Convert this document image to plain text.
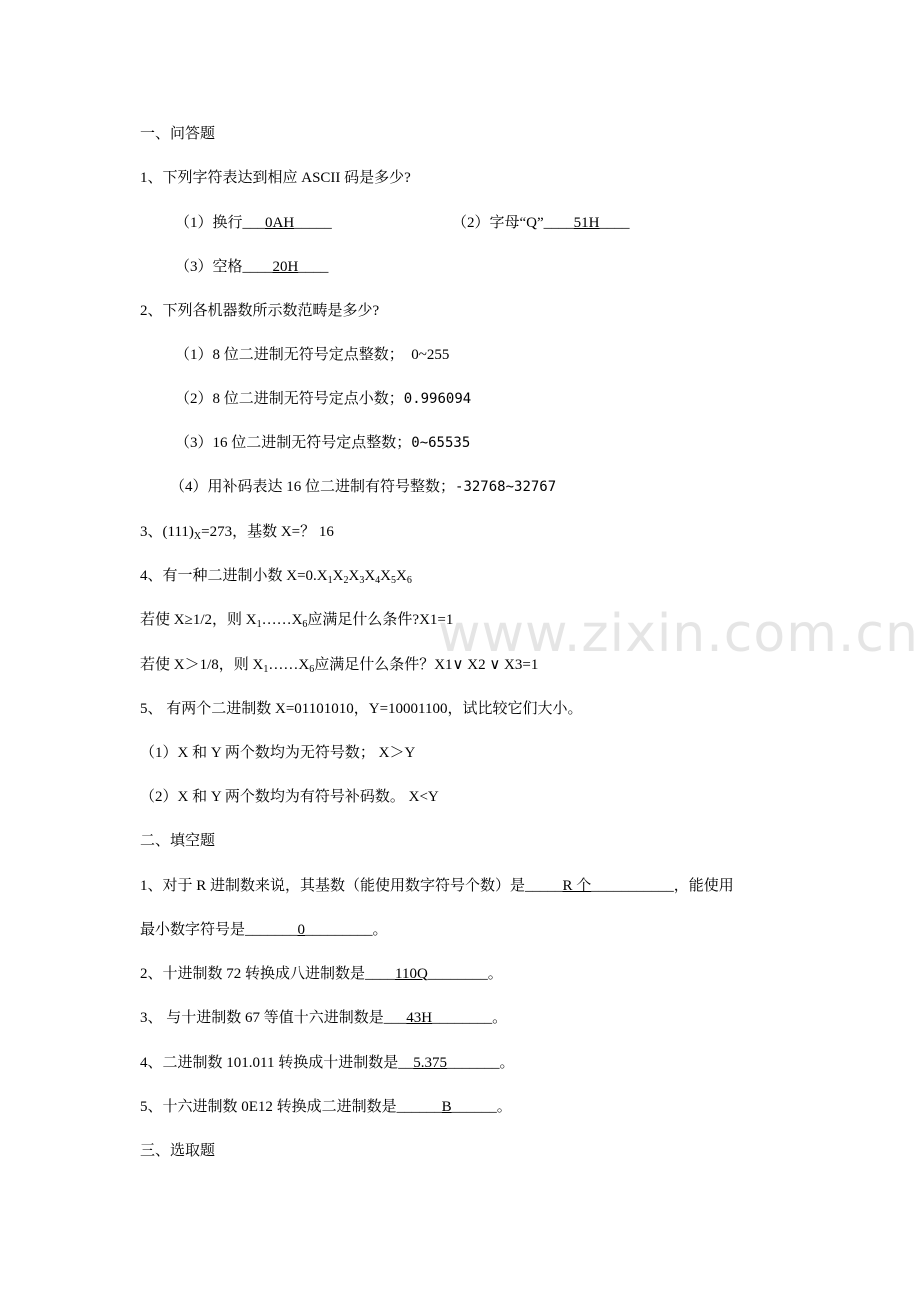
www.zixin.com.cn
一、问答题
1、下列字符表达到相应 ASCII 码是多少?
（1）换行___0AH_____	（2）字母“Q”____51H____
（3）空格____20H____
2、下列各机器数所示数范畴是多少?
（1）8 位二进制无符号定点整数； 0~255
（2）8 位二进制无符号定点小数；0.996094
（3）16 位二进制无符号定点整数；0~65535
（4）用补码表达 16 位二进制有符号整数；-32768~32767
3、$(111)_X=273$，基数 X=？ 16
4、有一种二进制小数 $X=0.X_1X_2X_3X_4X_5X_6$
若使 X≥1/2，则 $X_1\dots\dots X_6$应满足什么条件?X1=1
若使 X＞1/8，则 $X_1\dots\dots X_6$应满足什么条件？X1∨ X2 ∨ X3=1
5、 有两个二进制数 X=01101010，Y=10001100，试比较它们大小。
（1）X 和 Y 两个数均为无符号数； X＞Y
（2）X 和 Y 两个数均为有符号补码数。 X<Y
二、填空题
1、对于 R 进制数来说，其基数（能使用数字符号个数）是_____R 个___________，能使用
最小数字符号是_______0_________。
2、十进制数 72 转换成八进制数是____110Q________。
3、 与十进制数 67 等值十六进制数是___43H________。
4、二进制数 101.011 转换成十进制数是__5.375_______。
5、十六进制数 0E12 转换成二进制数是______B______。
三、选取题
